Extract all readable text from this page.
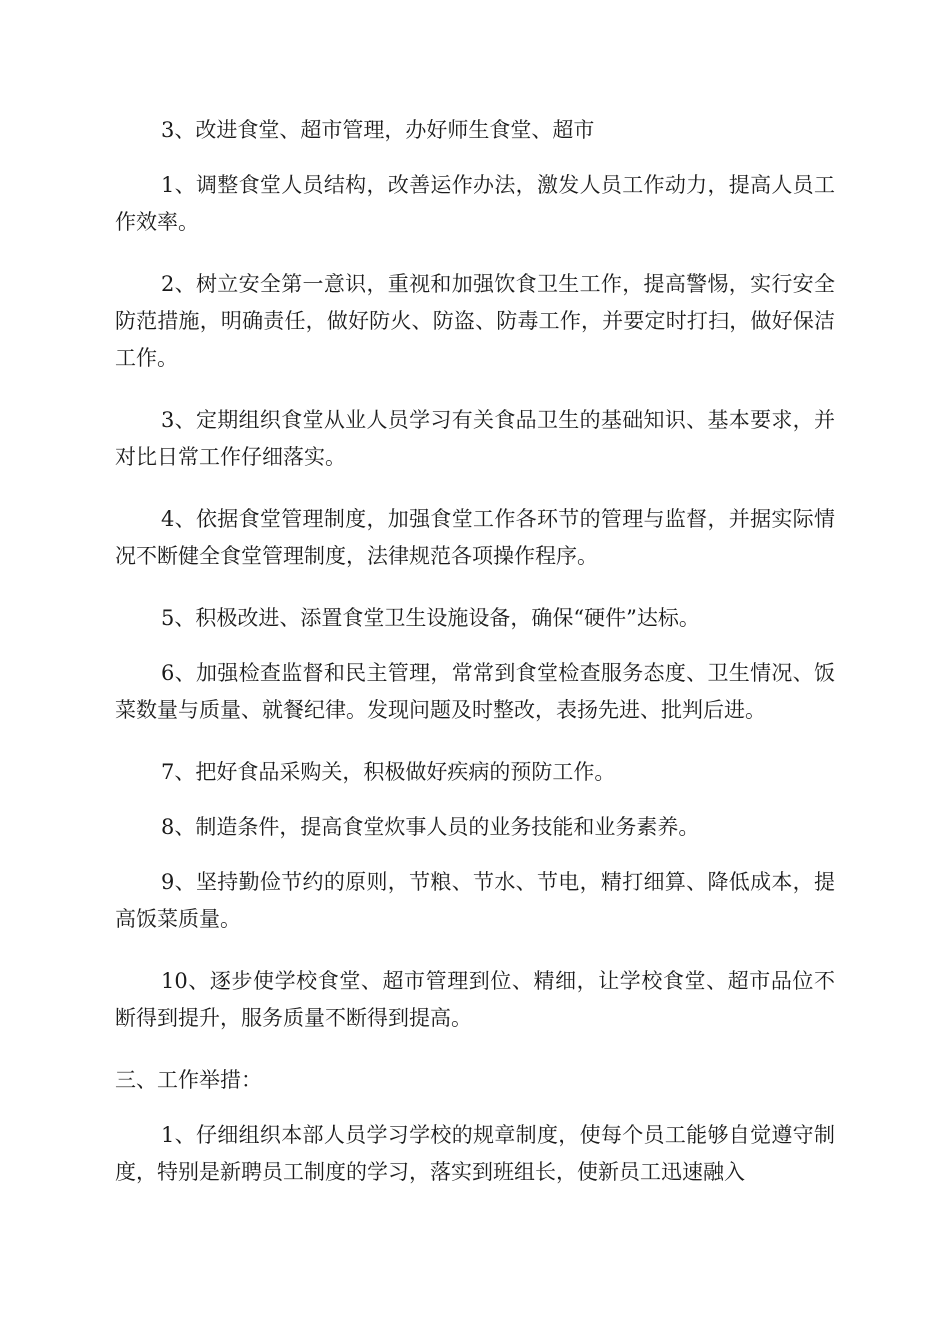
3、改进食堂、超市管理，办好师生食堂、超市

1、调整食堂人员结构，改善运作办法，激发人员工作动力，提高人员工作效率。

2、树立安全第一意识，重视和加强饮食卫生工作，提高警惕，实行安全防范措施，明确责任，做好防火、防盗、防毒工作，并要定时打扫，做好保洁工作。

3、定期组织食堂从业人员学习有关食品卫生的基础知识、基本要求，并对比日常工作仔细落实。

4、依据食堂管理制度，加强食堂工作各环节的管理与监督，并据实际情况不断健全食堂管理制度，法律规范各项操作程序。

5、积极改进、添置食堂卫生设施设备，确保“硬件”达标。

6、加强检查监督和民主管理，常常到食堂检查服务态度、卫生情况、饭菜数量与质量、就餐纪律。发现问题及时整改，表扬先进、批判后进。

7、把好食品采购关，积极做好疾病的预防工作。

8、制造条件，提高食堂炊事人员的业务技能和业务素养。

9、坚持勤俭节约的原则，节粮、节水、节电，精打细算、降低成本，提高饭菜质量。

10、逐步使学校食堂、超市管理到位、精细，让学校食堂、超市品位不断得到提升，服务质量不断得到提高。

三、工作举措：

1、仔细组织本部人员学习学校的规章制度，使每个员工能够自觉遵守制度，特别是新聘员工制度的学习，落实到班组长，使新员工迅速融入
